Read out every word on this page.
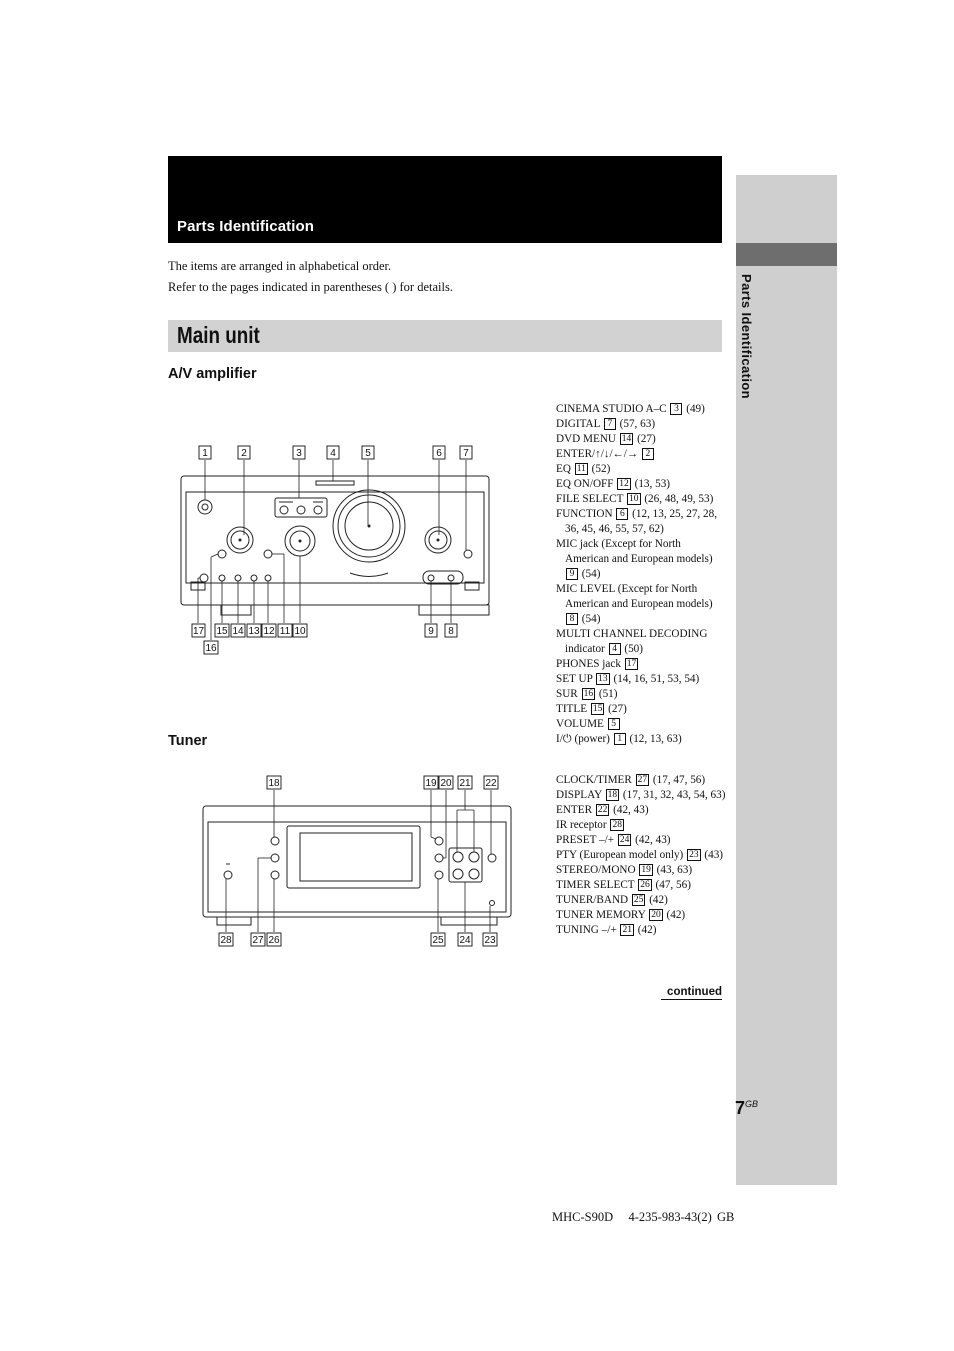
Parts Identification
Parts Identification
The items are arranged in alphabetical order.
Refer to the pages indicated in parentheses ( ) for details.
Main unit
A/V amplifier
Tuner
1	2	3	4	5	6 7
17 15 14 13 12 11 10	9 8
16
18	19 20 21 22
28 27 26	25 24 23
CINEMA STUDIO A–C 3 (49)
DIGITAL 7 (57, 63)
DVD MENU 14 (27)
ENTER/↑/↓/←/→ 2
EQ 11 (52)
EQ ON/OFF 12 (13, 53)
FILE SELECT 10 (26, 48, 49, 53)
FUNCTION 6 (12, 13, 25, 27, 28, 36, 45, 46, 55, 57, 62)
MIC jack (Except for North American and European models) 9 (54)
MIC LEVEL (Except for North American and European models) 8 (54)
MULTI CHANNEL DECODING indicator 4 (50)
PHONES jack 17
SET UP 13 (14, 16, 51, 53, 54)
SUR 16 (51)
TITLE 15 (27)
VOLUME 5
I/⏻ (power) 1 (12, 13, 63)
CLOCK/TIMER 27 (17, 47, 56)
DISPLAY 18 (17, 31, 32, 43, 54, 63)
ENTER 22 (42, 43)
IR receptor 28
PRESET –/+ 24 (42, 43)
PTY (European model only) 23 (43)
STEREO/MONO 19 (43, 63)
TIMER SELECT 26 (47, 56)
TUNER/BAND 25 (42)
TUNER MEMORY 20 (42)
TUNING –/+ 21 (42)
continued
$7^{GB}$
MHC-S90D 4-235-983-43(2) GB
